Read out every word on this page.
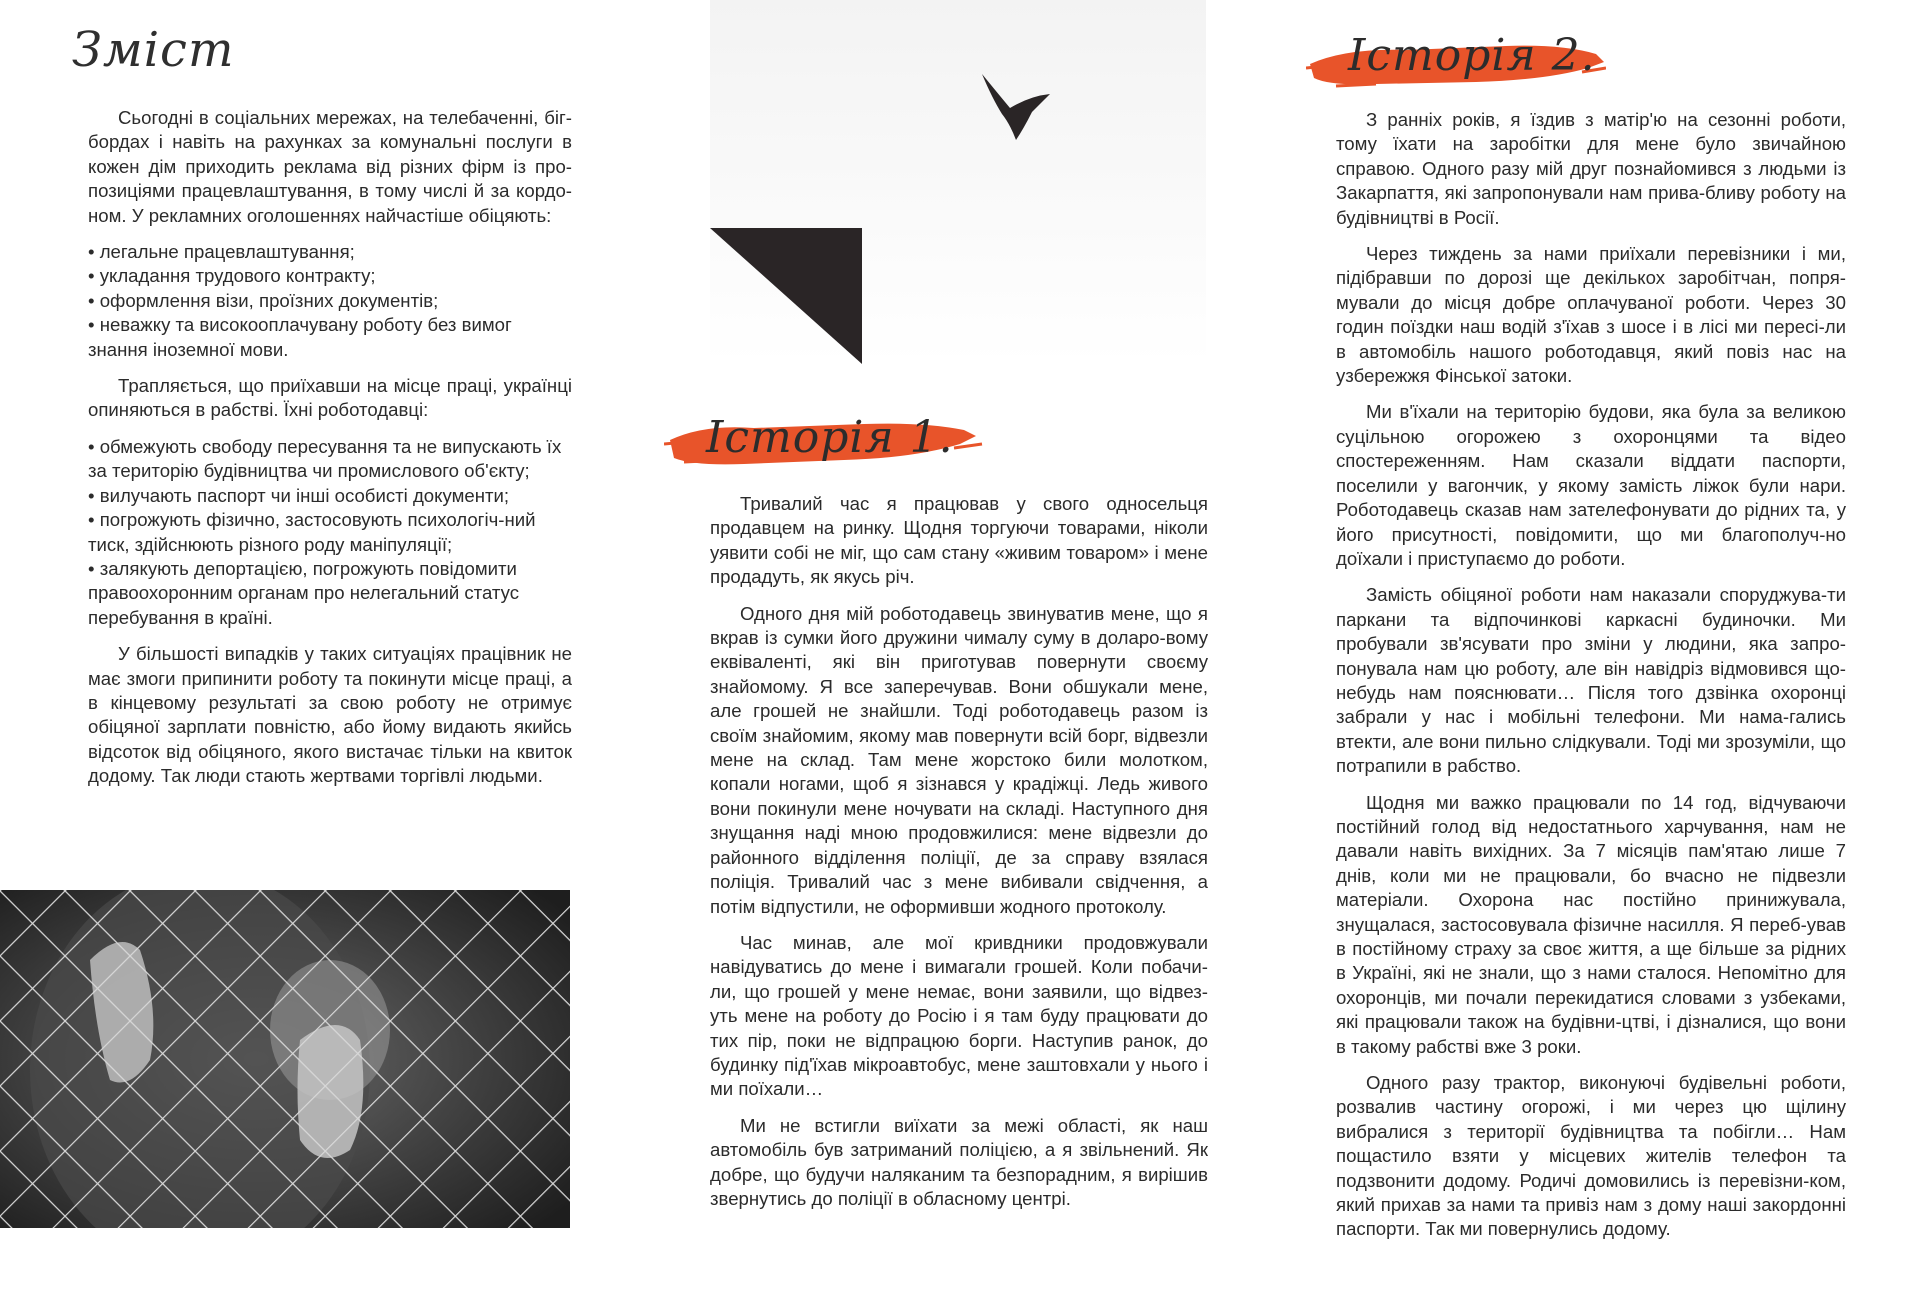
Зміст

Сьогодні в соціальних мережах, на телебаченні, біг-бордах і навіть на рахунках за комунальні послуги в кожен дім приходить реклама від різних фірм із про-позиціями працевлаштування, в тому числі й за кордо-ном. У рекламних оголошеннях найчастіше обіцяють:

• легальне працевлаштування;
• укладання трудового контракту;
• оформлення візи, проїзних документів;
• неважку та високооплачувану роботу без вимог знання іноземної мови.

Трапляється, що приїхавши на місце праці, українці опиняються в рабстві. Їхні роботодавці:

• обмежують свободу пересування та не випускають їх за територію будівництва чи промислового об'єкту;
• вилучають паспорт чи інші особисті документи;
• погрожують фізично, застосовують психологіч-ний тиск, здійснюють різного роду маніпуляції;
• залякують депортацією, погрожують повідомити правоохоронним органам про нелегальний статус перебування в країні.

У більшості випадків у таких ситуаціях працівник не має змоги припинити роботу та покинути місце праці, а в кінцевому результаті за свою роботу не отримує обіцяної зарплати повністю, або йому видають якийсь відсоток від обіцяного, якого вистачає тільки на квиток додому. Так люди стають жертвами торгівлі людьми.

Історія 1.

Тривалий час я працював у свого односельця продавцем на ринку. Щодня торгуючи товарами, ніколи уявити собі не міг, що сам стану «живим товаром» і мене продадуть, як якусь річ.

Одного дня мій роботодавець звинуватив мене, що я вкрав із сумки його дружини чималу суму в доларо-вому еквіваленті, які він приготував повернути своєму знайомому. Я все заперечував. Вони обшукали мене, але грошей не знайшли. Тоді роботодавець разом із своїм знайомим, якому мав повернути всій борг, відвезли мене на склад. Там мене жорстоко били молотком, копали ногами, щоб я зізнався у крадіжці. Ледь живого вони покинули мене ночувати на складі. Наступного дня знущання наді мною продовжилися: мене відвезли до районного відділення поліції, де за справу взялася поліція. Тривалий час з мене вибивали свідчення, а потім відпустили, не оформивши жодного протоколу.

Час минав, але мої кривдники продовжували навідуватись до мене і вимагали грошей. Коли побачи-ли, що грошей у мене немає, вони заявили, що відвез-уть мене на роботу до Росію і я там буду працювати до тих пір, поки не відпрацюю борги. Наступив ранок, до будинку під'їхав мікроавтобус, мене заштовхали у нього і ми поїхали…

Ми не встигли виїхати за межі області, як наш автомобіль був затриманий поліцією, а я звільнений. Як добре, що будучи наляканим та безпорадним, я вирішив звернутись до поліції в обласному центрі.

Історія 2.

З ранніх років, я їздив з матір'ю на сезонні роботи, тому їхати на заробітки для мене було звичайною справою. Одного разу мій друг познайомився з людьми із Закарпаття, які запропонували нам прива-бливу роботу на будівництві в Росії.

Через тиждень за нами приїхали перевізники і ми, підібравши по дорозі ще декількох заробітчан, попря-мували до місця добре оплачуваної роботи. Через 30 годин поїздки наш водій з'їхав з шосе і в лісі ми пересі-ли в автомобіль нашого роботодавця, який повіз нас на узбережжя Фінської затоки.

Ми в'їхали на територію будови, яка була за великою суцільною огорожею з охоронцями та відео спостереженням. Нам сказали віддати паспорти, поселили у вагончик, у якому замість ліжок були нари. Роботодавець сказав нам зателефонувати до рідних та, у його присутності, повідомити, що ми благополуч-но доїхали і приступаємо до роботи.

Замість обіцяної роботи нам наказали споруджува-ти паркани та відпочинкові каркасні будиночки. Ми пробували зв'ясувати про зміни у людини, яка запро-понувала нам цю роботу, але він навідріз відмовився що-небудь нам пояснювати… Після того дзвінка охоронці забрали у нас і мобільні телефони. Ми нама-гались втекти, але вони пильно слідкували. Тоді ми зрозуміли, що потрапили в рабство.

Щодня ми важко працювали по 14 год, відчуваючи постійний голод від недостатнього харчування, нам не давали навіть вихідних. За 7 місяців пам'ятаю лише 7 днів, коли ми не працювали, бо вчасно не підвезли матеріали. Охорона нас постійно принижувала, знущалася, застосовувала фізичне насилля. Я переб-ував в постійному страху за своє життя, а ще більше за рідних в Україні, які не знали, що з нами сталося. Непомітно для охоронців, ми почали перекидатися словами з узбеками, які працювали також на будівни-цтві, і дізналися, що вони в такому рабстві вже 3 роки.

Одного разу трактор, виконуючі будівельні роботи, розвалив частину огорожі, і ми через цю щілину вибралися з території будівництва та побігли… Нам пощастило взяти у місцевих жителів телефон та подзвонити додому. Родичі домовились із перевізни-ком, який прихав за нами та привіз нам з дому наші закордонні паспорти. Так ми повернулись додому.
